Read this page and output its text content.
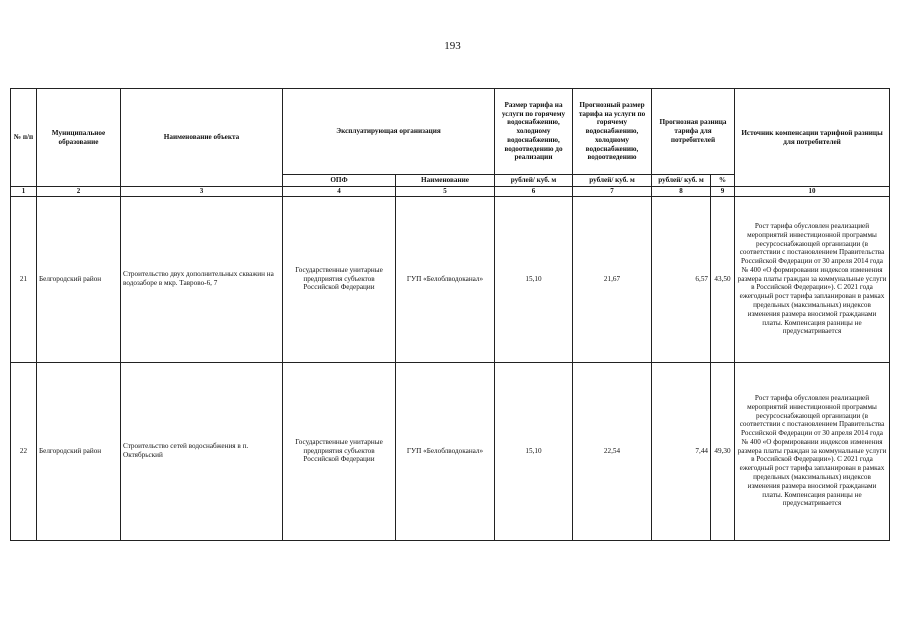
193
№ п/п	Муниципальное образование	Наименование объекта	Эксплуатирующая организация		Размер тарифа на услуги по горячему водоснабжению, холодному водоснабжению, водоотведению до реализации	Прогнозный размер тарифа на услуги по горячему водоснабжению, холодному водоснабжению, водоотведению	Прогнозная разница тарифа для потребителей		Источник компенсации тарифной разницы для потребителей
			ОПФ	Наименование	рублей/ куб. м	рублей/ куб. м	рублей/ куб. м	%	
1	2	3	4	5	6	7	8	9	10
21	Белгородский район	Строительство двух дополнительных скважин на водозаборе в мкр. Таврово-6, 7	Государственные унитарные предприятия субъектов Российской Федерации	ГУП «Белоблводоканал»	15,10	21,67	6,57	43,50	Рост тарифа обусловлен реализацией мероприятий инвестиционной программы ресурсоснабжающей организации (в соответствии с постановлением Правительства Российской Федерации от 30 апреля 2014 года № 400 «О формировании индексов изменения размера платы граждан за коммунальные услуги в Российской Федерации»). С 2021 года ежегодный рост тарифа запланирован в рамках предельных (максимальных) индексов изменения размера вносимой гражданами платы. Компенсация разницы не предусматривается
22	Белгородский район	Строительство сетей водоснабжения в п. Октябрьский	Государственные унитарные предприятия субъектов Российской Федерации	ГУП «Белоблводоканал»	15,10	22,54	7,44	49,30	Рост тарифа обусловлен реализацией мероприятий инвестиционной программы ресурсоснабжающей организации (в соответствии с постановлением Правительства Российской Федерации от 30 апреля 2014 года № 400 «О формировании индексов изменения размера платы граждан за коммунальные услуги в Российской Федерации»). С 2021 года ежегодный рост тарифа запланирован в рамках предельных (максимальных) индексов изменения размера вносимой гражданами платы. Компенсация разницы не предусматривается
